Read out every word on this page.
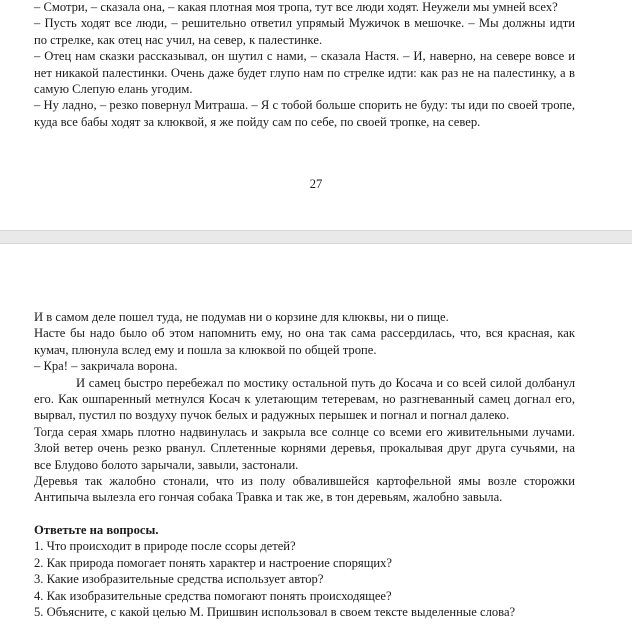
– Смотри, – сказала она, – какая плотная моя тропа, тут все люди ходят. Неужели мы умней всех?

– Пусть ходят все люди, – решительно ответил упрямый Мужичок в мешочке. – Мы должны идти по стрелке, как отец нас учил, на север, к палестинке.

– Отец нам сказки рассказывал, он шутил с нами, – сказала Настя. – И, наверно, на севере вовсе и нет никакой палестинки. Очень даже будет глупо нам по стрелке идти: как раз не на палестинку, а в самую Слепую елань угодим.

– Ну ладно, – резко повернул Митраша. – Я с тобой больше спорить не буду: ты иди по своей тропе, куда все бабы ходят за клюквой, я же пойду сам по себе, по своей тропке, на север.

27

И в самом деле пошел туда, не подумав ни о корзине для клюквы, ни о пище.

Насте бы надо было об этом напомнить ему, но она так сама рассердилась, что, вся красная, как кумач, плюнула вслед ему и пошла за клюквой по общей тропе.

– Кра! – закричала ворона.

И самец быстро перебежал по мостику остальной путь до Косача и со всей силой долбанул его. Как ошпаренный метнулся Косач к улетающим тетеревам, но разгневанный самец догнал его, вырвал, пустил по воздуху пучок белых и радужных перышек и погнал и погнал далеко.

Тогда серая хмарь плотно надвинулась и закрыла все солнце со всеми его живительными лучами. Злой ветер очень резко рванул. Сплетенные корнями деревья, прокалывая друг друга сучьями, на все Блудово болото зарычали, завыли, застонали.

Деревья так жалобно стонали, что из полу обвалившейся картофельной ямы возле сторожки Антипыча вылезла его гончая собака Травка и так же, в тон деревьям, жалобно завыла.

Ответьте на вопросы.

1. Что происходит в природе после ссоры детей?
2. Как природа помогает понять характер и настроение спорящих?
3. Какие изобразительные средства использует автор?
4. Как изобразительные средства помогают понять происходящее?
5. Объясните, с какой целью М. Пришвин использовал в своем тексте выделенные слова?
